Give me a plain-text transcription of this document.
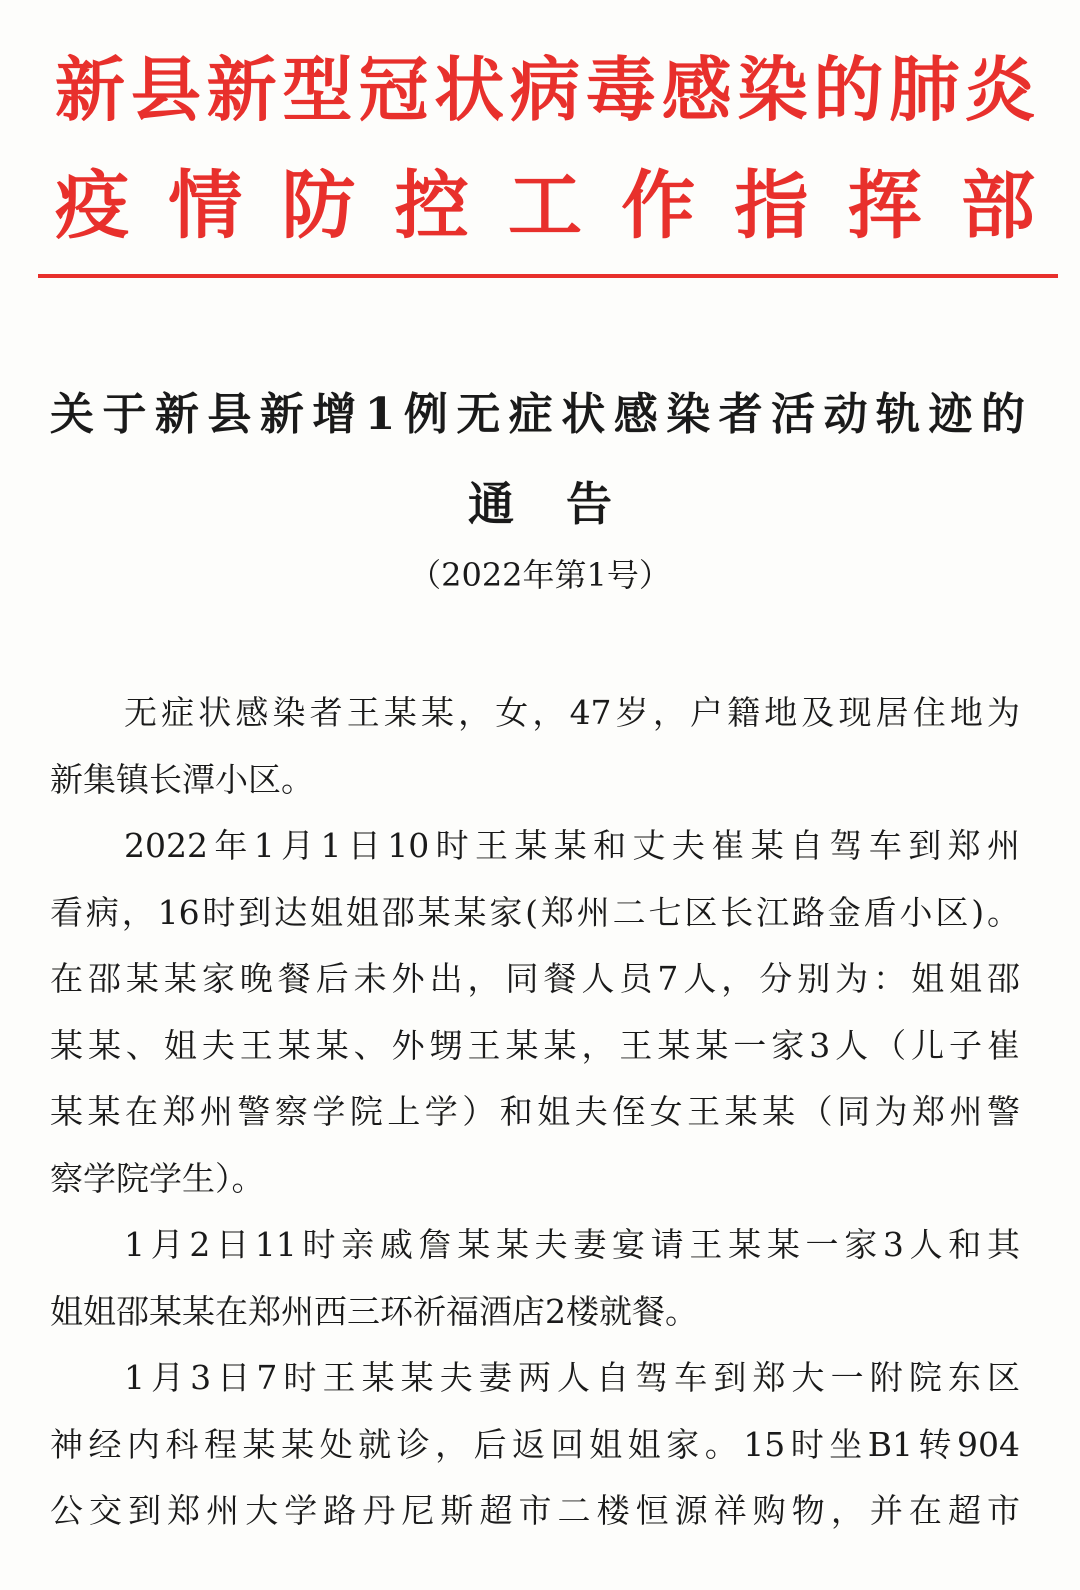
新县新型冠状病毒感染的肺炎
疫情防控工作指挥部
关于新县新增1例无症状感染者活动轨迹的
通告
（2022年第1号）
无症状感染者王某某，女，47岁，户籍地及现居住地为
新集镇长潭小区。
2022年1月1日10时王某某和丈夫崔某自驾车到郑州
看病，16时到达姐姐邵某某家(郑州二七区长江路金盾小区)。
在邵某某家晚餐后未外出，同餐人员7人，分别为：姐姐邵
某某、姐夫王某某、外甥王某某，王某某一家3人（儿子崔
某某在郑州警察学院上学）和姐夫侄女王某某（同为郑州警
察学院学生）。
1月2日11时亲戚詹某某夫妻宴请王某某一家3人和其
姐姐邵某某在郑州西三环祈福酒店2楼就餐。
1月3日7时王某某夫妻两人自驾车到郑大一附院东区
神经内科程某某处就诊，后返回姐姐家。15时坐B1转904
公交到郑州大学路丹尼斯超市二楼恒源祥购物，并在超市
